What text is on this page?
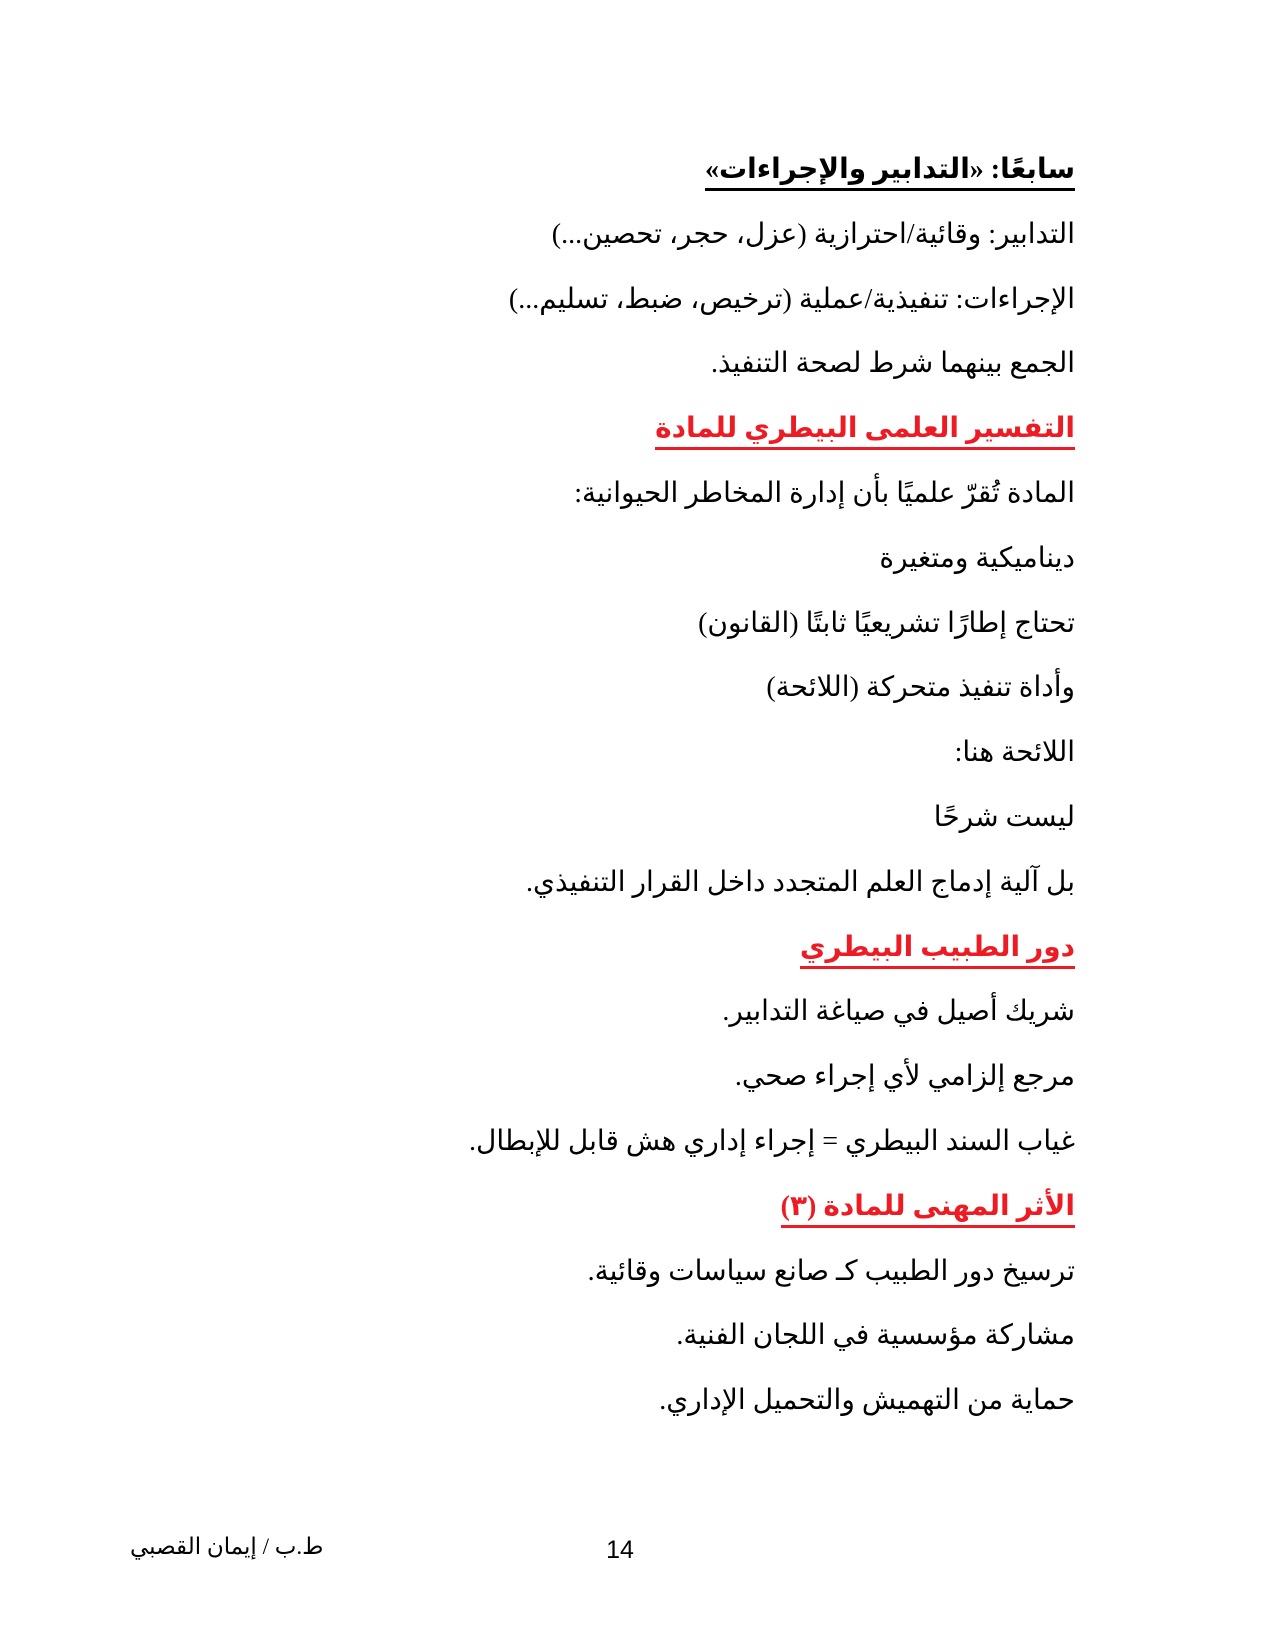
سابعًا: «التدابير والإجراءات»

التدابير: وقائية/احترازية (عزل، حجر، تحصين...)

الإجراءات: تنفيذية/عملية (ترخيص، ضبط، تسليم...)

الجمع بينهما شرط لصحة التنفيذ.

التفسير العلمى البيطري للمادة

المادة تُقرّ علميًا بأن إدارة المخاطر الحيوانية:

ديناميكية ومتغيرة

تحتاج إطارًا تشريعيًا ثابتًا (القانون)

وأداة تنفيذ متحركة (اللائحة)

اللائحة هنا:

ليست شرحًا

بل آلية إدماج العلم المتجدد داخل القرار التنفيذي.

دور الطبيب البيطري

شريك أصيل في صياغة التدابير.

مرجع إلزامي لأي إجراء صحي.

غياب السند البيطري = إجراء إداري هش قابل للإبطال.

الأثر المهنى للمادة (٣)

ترسيخ دور الطبيب كـ صانع سياسات وقائية.

مشاركة مؤسسية في اللجان الفنية.

حماية من التهميش والتحميل الإداري.

ط.ب / إيمان القصبي	14
